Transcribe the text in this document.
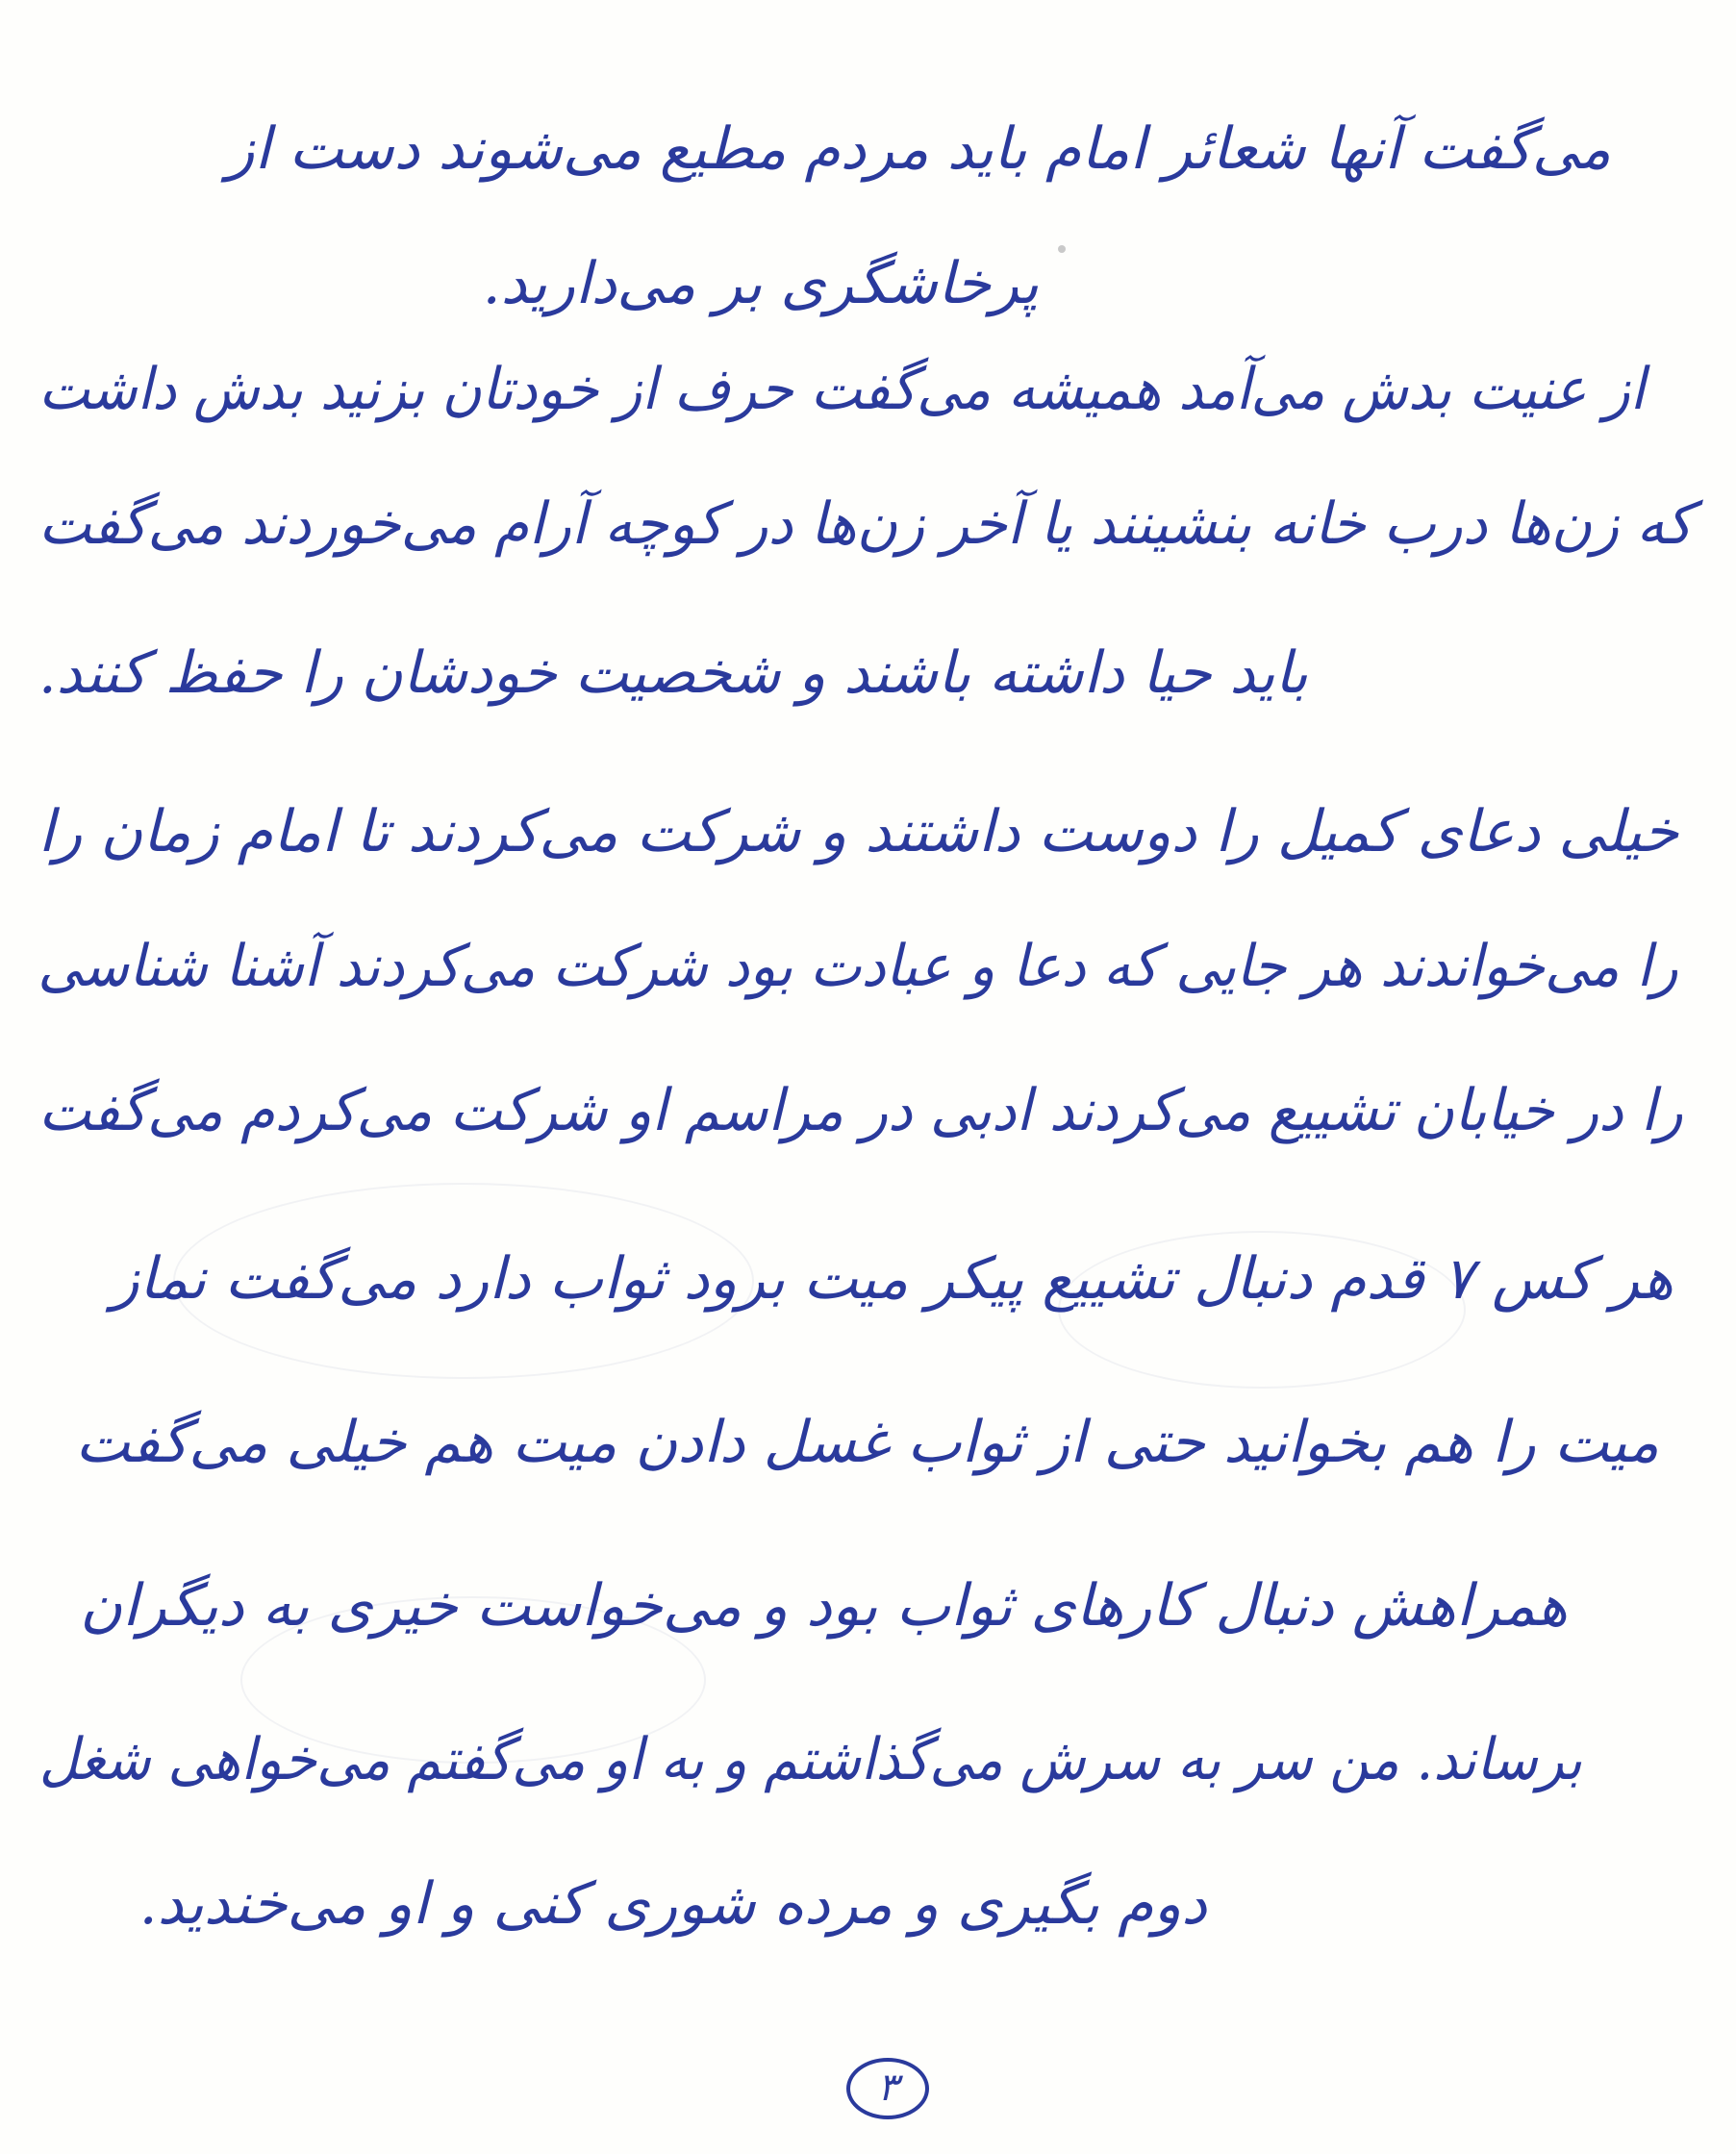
می‌گفت آنها شعائر امام باید مردم مطیع می‌شوند دست از
پرخاشگری بر می‌دارید.
از عنیت بدش می‌آمد همیشه می‌گفت حرف از خودتان بزنید بدش داشت
که زن‌ها درب خانه بنشینند یا آخر زن‌ها در کوچه آرام می‌خوردند می‌گفت
باید حیا داشته باشند و شخصیت خودشان را حفظ کنند.
خیلی دعای کمیل را دوست داشتند و شرکت می‌کردند تا امام زمان را
را می‌خواندند هر جایی که دعا و عبادت بود شرکت می‌کردند آشنا شناسی
را در خیابان تشییع می‌کردند ادبی در مراسم او شرکت می‌کردم می‌گفت
هر کس ۷ قدم دنبال تشییع پیکر میت برود ثواب دارد می‌گفت نماز
میت را هم بخوانید حتی از ثواب غسل دادن میت هم خیلی می‌گفت
همراهش دنبال کارهای ثواب بود و می‌خواست خیری به دیگران
برساند. من سر به سرش می‌گذاشتم و به او می‌گفتم می‌خواهی شغل
دوم بگیری و مرده شوری کنی و او می‌خندید.
۳
